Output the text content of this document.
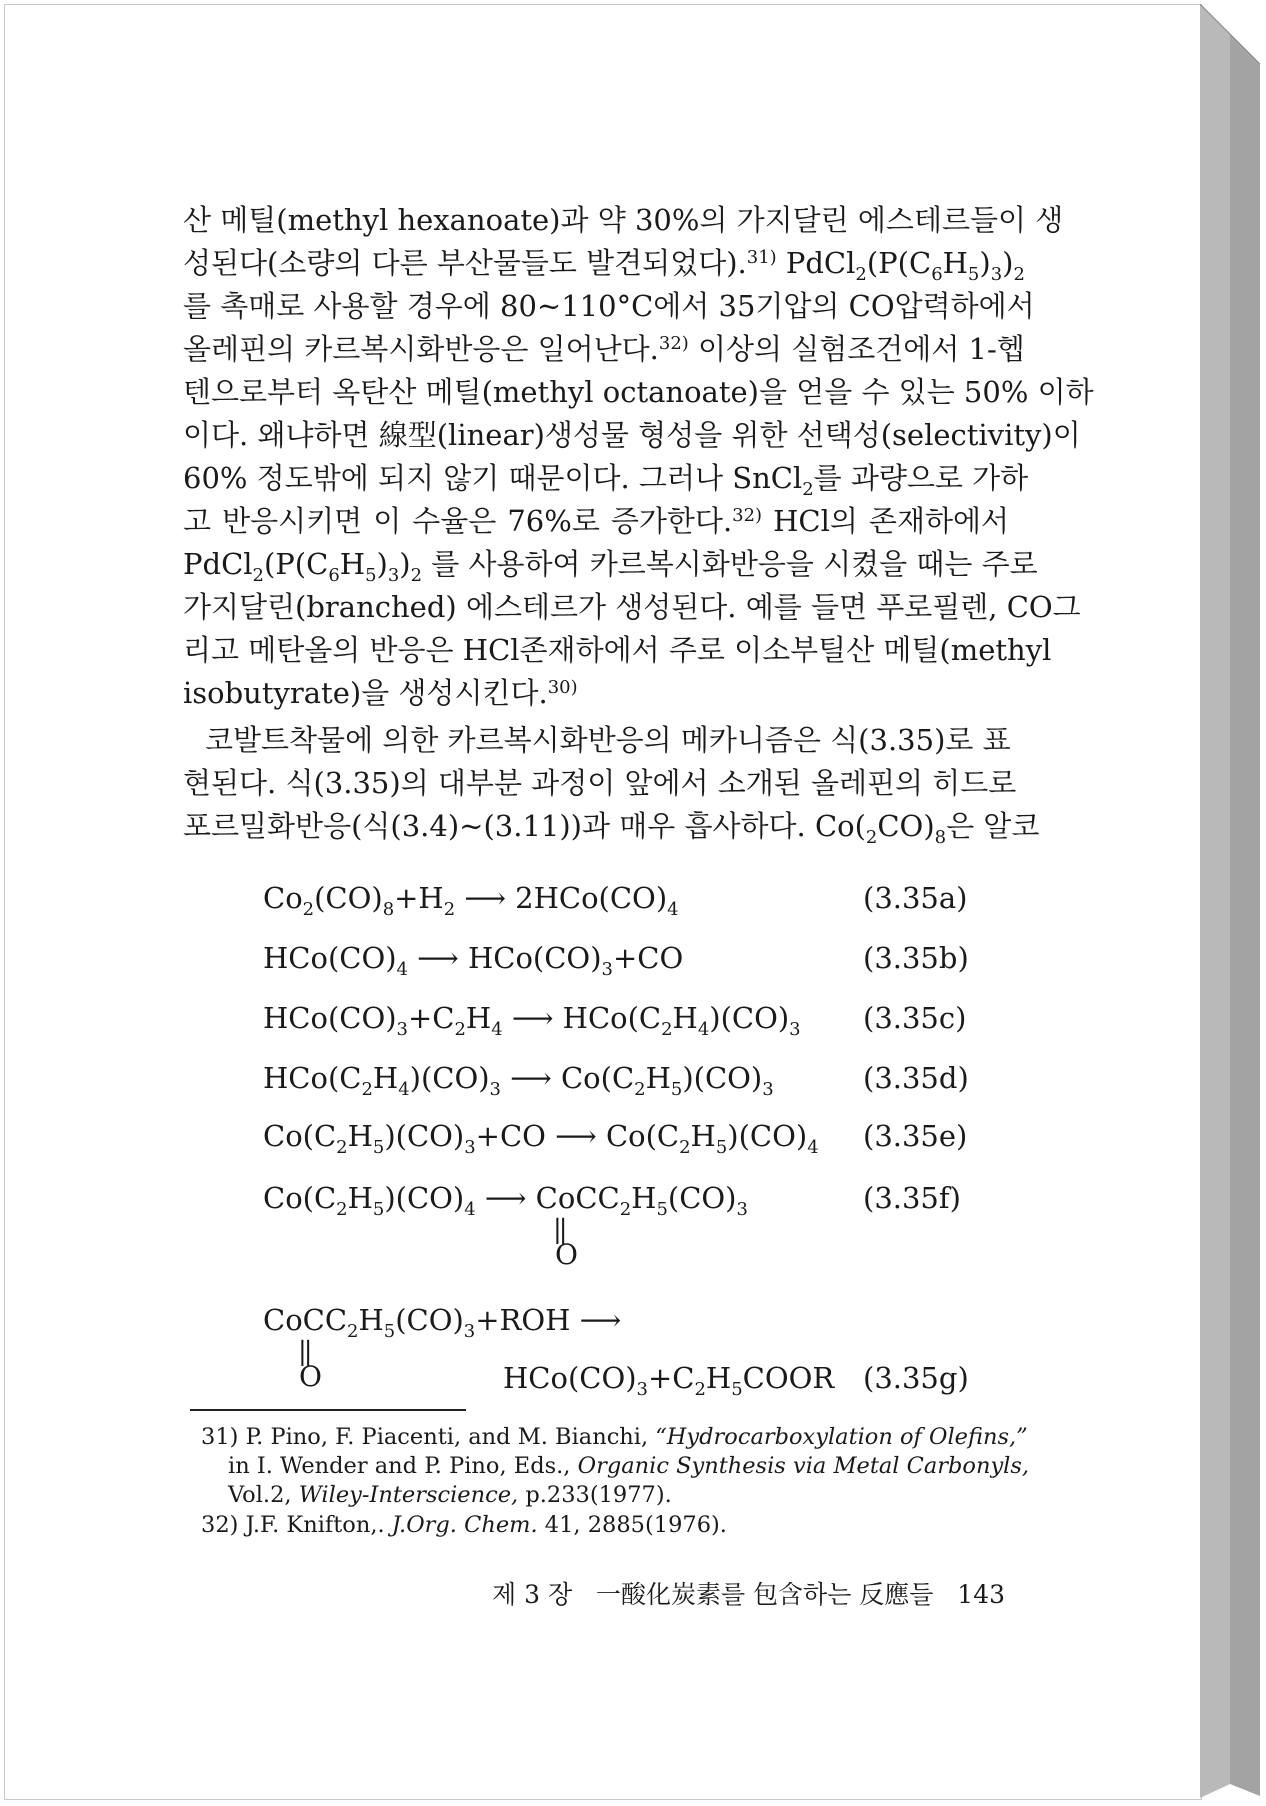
산 메틸(methyl hexanoate)과 약 30%의 가지달린 에스테르들이 생
성된다(소량의 다른 부산물들도 발견되었다).$^{31)}$ $PdCl_2(P(C_6H_5)_3)_2$
를 촉매로 사용할 경우에 80∼110°C에서 35기압의 CO압력하에서
올레핀의 카르복시화반응은 일어난다.$^{32)}$ 이상의 실험조건에서 1-헵
텐으로부터 옥탄산 메틸(methyl octanoate)을 얻을 수 있는 50% 이하
이다. 왜냐하면 線型(linear)생성물 형성을 위한 선택성(selectivity)이
60% 정도밖에 되지 않기 때문이다. 그러나 SnCl$_2$를 과량으로 가하
고 반응시키면 이 수율은 76%로 증가한다.$^{32)}$ HCl의 존재하에서
$PdCl_2(P(C_6H_5)_3)_2$ 를 사용하여 카르복시화반응을 시켰을 때는 주로
가지달린(branched) 에스테르가 생성된다. 예를 들면 푸로필렌, CO그
리고 메탄올의 반응은 HCl존재하에서 주로 이소부틸산 메틸(methyl
isobutyrate)을 생성시킨다.$^{30)}$
코발트착물에 의한 카르복시화반응의 메카니즘은 식(3.35)로 표
현된다. 식(3.35)의 대부분 과정이 앞에서 소개된 올레핀의 히드로
포르밀화반응(식(3.4)∼(3.11))과 매우 흡사하다. $Co(_2CO)_8$은 알코
$Co_2(CO)_8+H_2$ ⟶ $2HCo(CO)_4$	(3.35a)
$HCo(CO)_4$ ⟶ $HCo(CO)_3+CO$	(3.35b)
$HCo(CO)_3+C_2H_4$ ⟶ $HCo(C_2H_4)(CO)_3$ (3.35c)
$HCo(C_2H_4)(CO)_3$ ⟶ $Co(C_2H_5)(CO)_3$	(3.35d)
$Co(C_2H_5)(CO)_3+CO$ ⟶ $Co(C_2H_5)(CO)_4$ (3.35e)
$Co(C_2H_5)(CO)_4$ ⟶ $CoCC_2H_5(CO)_3$	(3.35f)
||
O
$CoCC_2H_5(CO)_3+ROH$ ⟶
||
O	$HCo(CO)_3+C_2H_5COOR$ (3.35g)
31) P. Pino, F. Piacenti, and M. Bianchi, “Hydrocarboxylation of Olefins,”
in I. Wender and P. Pino, Eds., Organic Synthesis via Metal Carbonyls,
Vol.2, Wiley-Interscience, p.233(1977).
32) J.F. Knifton,. J.Org. Chem. 41, 2885(1976).
제 3 장 一酸化炭素를 包含하는 反應들 143
